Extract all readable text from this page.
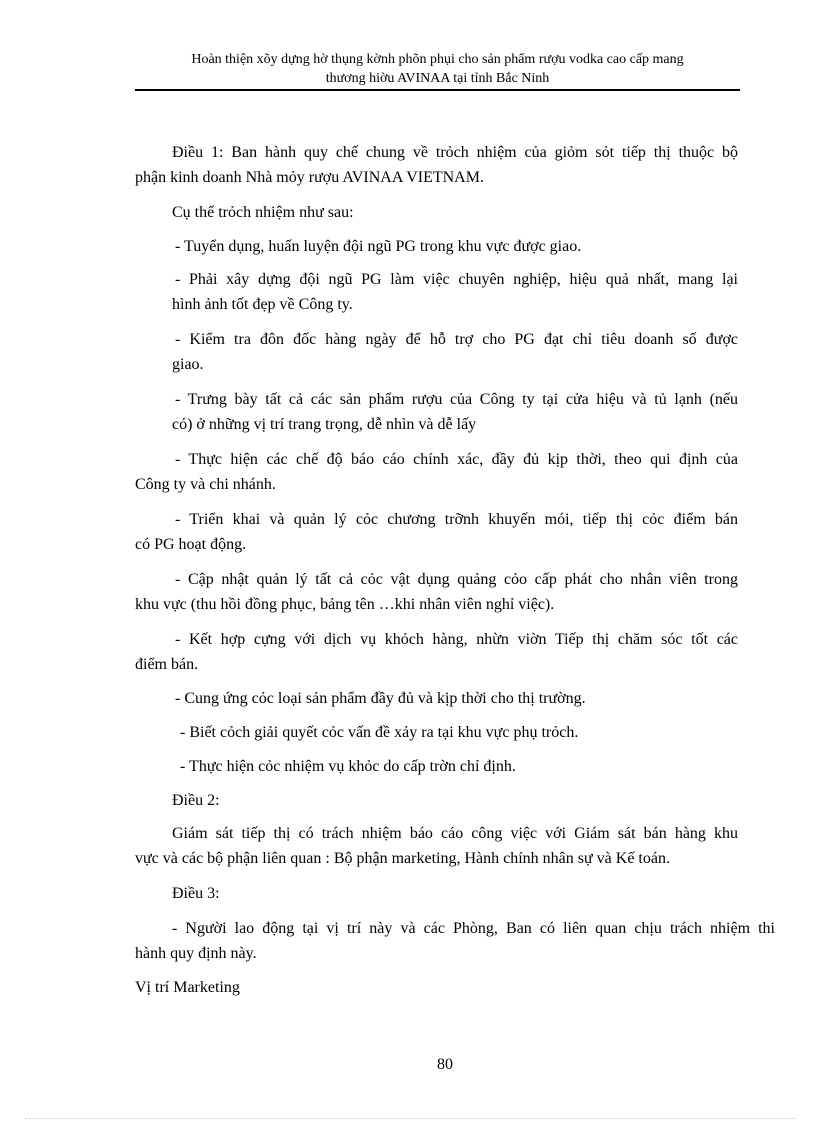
Hoàn thiện xõy dựng hờ thụng kờnh phõn phụi cho sản phẩm rượu vodka cao cấp mang
thương hiờu AVINAA tại tỉnh Bắc Ninh

Điều 1: Ban hành quy chế chung về trỏch nhiệm của giỏm sỏt tiếp thị thuộc bộ

phận kinh doanh Nhà mỏy rượu AVINAA VIETNAM.

Cụ thể trỏch nhiệm như sau:

- Tuyển dụng, huấn luyện đội ngũ PG trong khu vực được giao.

- Phải xây dựng đội ngũ PG làm việc chuyên nghiệp, hiệu quả nhất, mang lại

hình ảnh tốt đẹp về Công ty.

- Kiểm tra đôn đốc hàng ngày để hỗ trợ cho PG đạt chỉ tiêu doanh số được

giao.

- Trưng bày tất cả các sản phẩm rượu của Công ty tại cửa hiệu và tủ lạnh (nếu

có) ở những vị trí trang trọng, dễ nhìn và dễ lấy

- Thực hiện các chế độ báo cáo chính xác, đầy đủ kịp thời, theo qui định của

Công ty và chi nhánh.

- Triển khai và quản lý cỏc chương trỡnh khuyến mói, tiếp thị cỏc điểm bán

có PG hoạt động.

- Cập nhật quản lý tất cả cỏc vật dụng quảng cỏo cấp phát cho nhân viên trong

khu vực (thu hồi đồng phục, bảng tên …khi nhân viên nghỉ việc).

- Kết hợp cựng với dịch vụ khỏch hàng, nhừn viờn Tiếp thị chăm sóc tốt các

điểm bán.

- Cung ứng cỏc loại sản phẩm đầy đủ và kịp thời cho thị trường.

- Biết cỏch giải quyết cỏc vấn đề xảy ra tại khu vực phụ trỏch.

- Thực hiện cỏc nhiệm vụ khỏc do cấp trờn chỉ định.

Điều 2:

Giám sát tiếp thị có trách nhiệm báo cáo công việc với Giám sát bán hàng khu

vực và các bộ phận liên quan : Bộ phận marketing, Hành chính nhân sự và Kế toán.

Điều 3:

- Người lao động tại vị trí này và các Phòng, Ban có liên quan chịu trách nhiệm thi

hành quy định này.

Vị trí Marketing

80
